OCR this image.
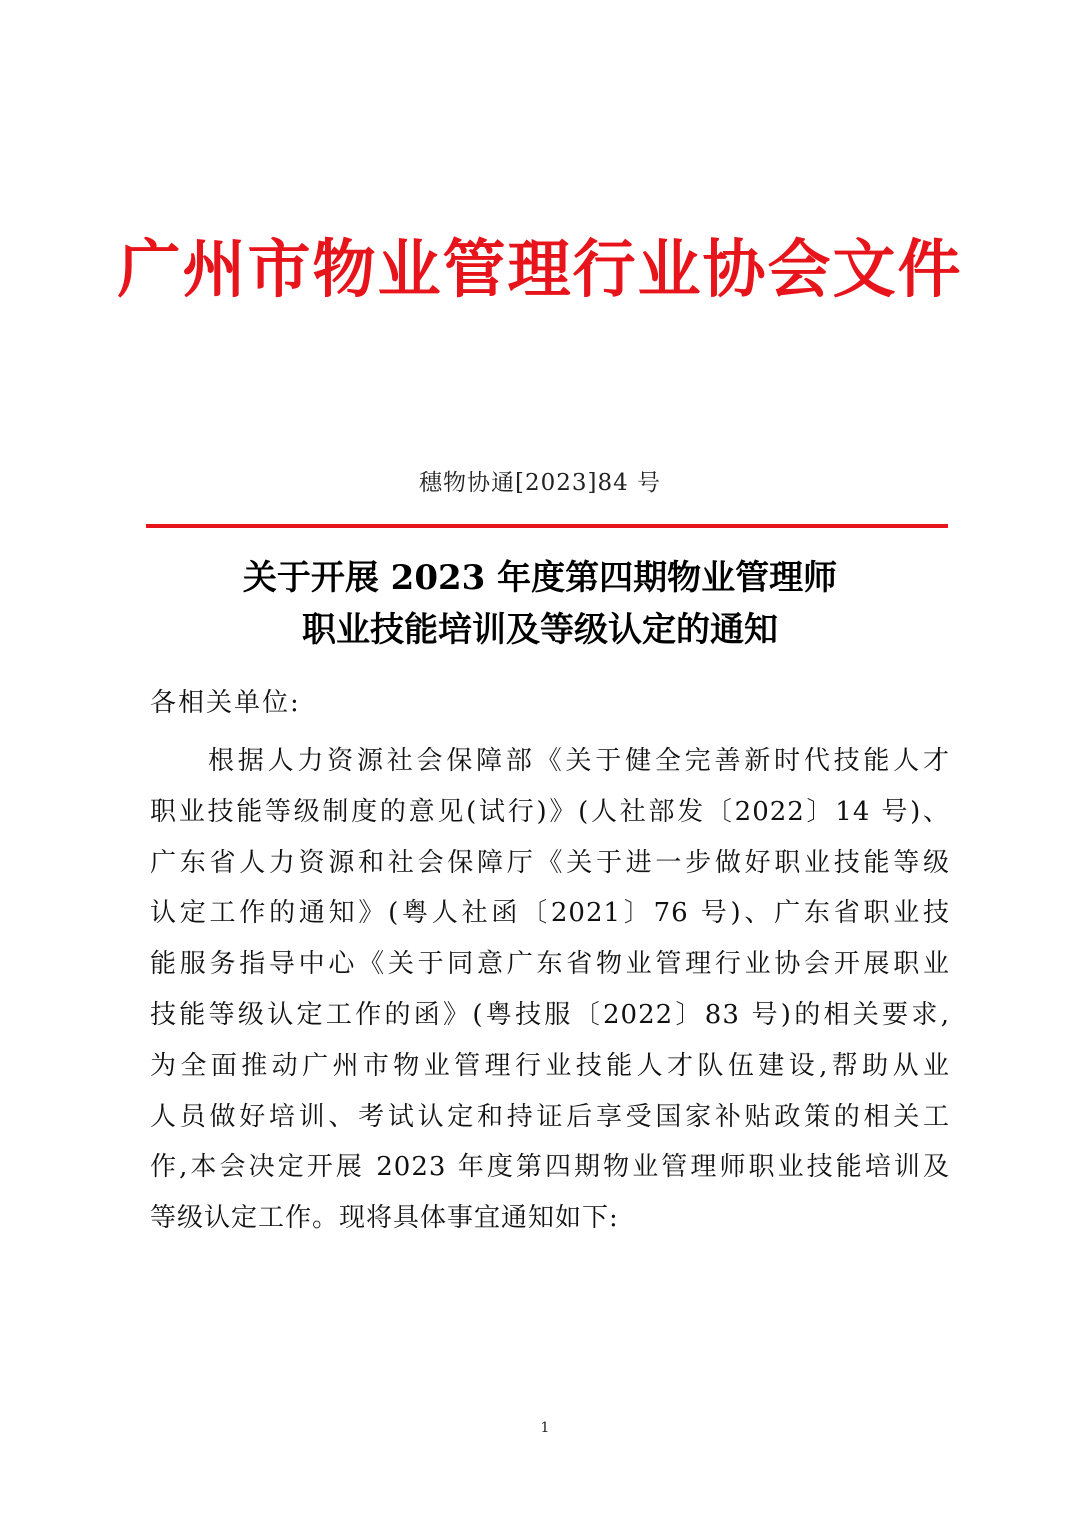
广州市物业管理行业协会文件
穗物协通[2023]84 号
关于开展 2023 年度第四期物业管理师
职业技能培训及等级认定的通知
各相关单位:
根据人力资源社会保障部《关于健全完善新时代技能人才
职业技能等级制度的意见(试行)》(人社部发〔2022〕14 号)、
广东省人力资源和社会保障厅《关于进一步做好职业技能等级
认定工作的通知》(粤人社函〔2021〕76 号)、广东省职业技
能服务指导中心《关于同意广东省物业管理行业协会开展职业
技能等级认定工作的函》(粤技服〔2022〕83 号)的相关要求,
为全面推动广州市物业管理行业技能人才队伍建设,帮助从业
人员做好培训、考试认定和持证后享受国家补贴政策的相关工
作,本会决定开展 2023 年度第四期物业管理师职业技能培训及
等级认定工作。现将具体事宜通知如下:
1
